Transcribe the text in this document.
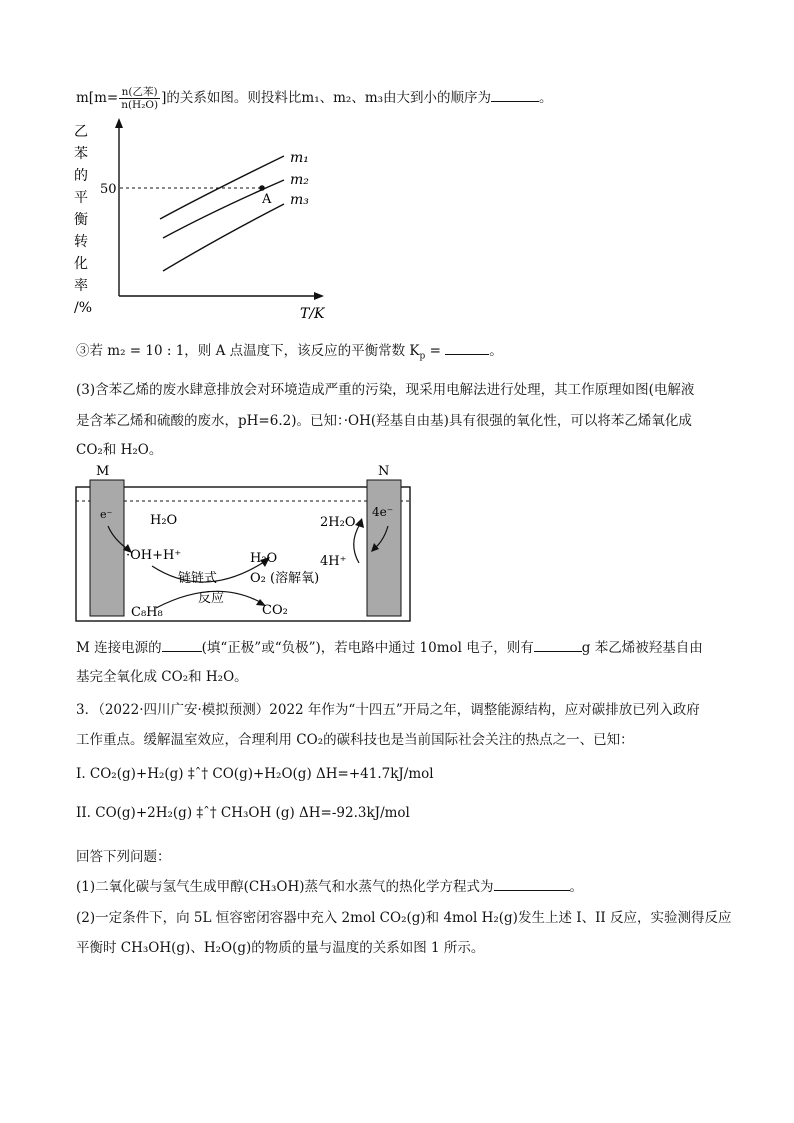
$m[m= \frac{\text{n(乙苯)}}{\text{n(H₂O)}}$ ]的关系如图。则投料比m₁、m₂、m₃由大到小的顺序为	。
乙
苯
的
平
衡
转
化
率
/%
50
A
m₁
m₂
m₃
T/K
③若 m₂ = 10 : 1，则 A 点温度下，该反应的平衡常数 $K_p$ =	。
(3)含苯乙烯的废水肆意排放会对环境造成严重的污染，现采用电解法进行处理，其工作原理如图(电解液
是含苯乙烯和硫酸的废水，pH=6.2)。已知：·OH(羟基自由基)具有很强的氧化性，可以将苯乙烯氧化成
CO₂和 H₂O。
M	N
e⁻	H₂O
·OH+H⁺
链链式
反应
C₈H₈
H₂O
O₂ (溶解氧)
CO₂
2H₂O
4H⁺
4e⁻
M 连接电源的	(填“正极”或“负极”)，若电路中通过 10mol 电子，则有	g 苯乙烯被羟基自由
基完全氧化成 CO₂和 H₂O。
3．（2022·四川广安·模拟预测）2022 年作为“十四五”开局之年，调整能源结构，应对碳排放已列入政府
工作重点。缓解温室效应，合理利用 CO₂的碳科技也是当前国际社会关注的热点之一、已知：
I. CO₂(g)+H₂(g) ‡ˆ† CO(g)+H₂O(g) ΔH=+41.7kJ/mol
II. CO(g)+2H₂(g) ‡ˆ† CH₃OH (g) ΔH=-92.3kJ/mol
回答下列问题：
(1)二氧化碳与氢气生成甲醇(CH₃OH)蒸气和水蒸气的热化学方程式为	。
(2)一定条件下，向 5L 恒容密闭容器中充入 2mol CO₂(g)和 4mol H₂(g)发生上述 I、II 反应，实验测得反应
平衡时 CH₃OH(g)、H₂O(g)的物质的量与温度的关系如图 1 所示。
